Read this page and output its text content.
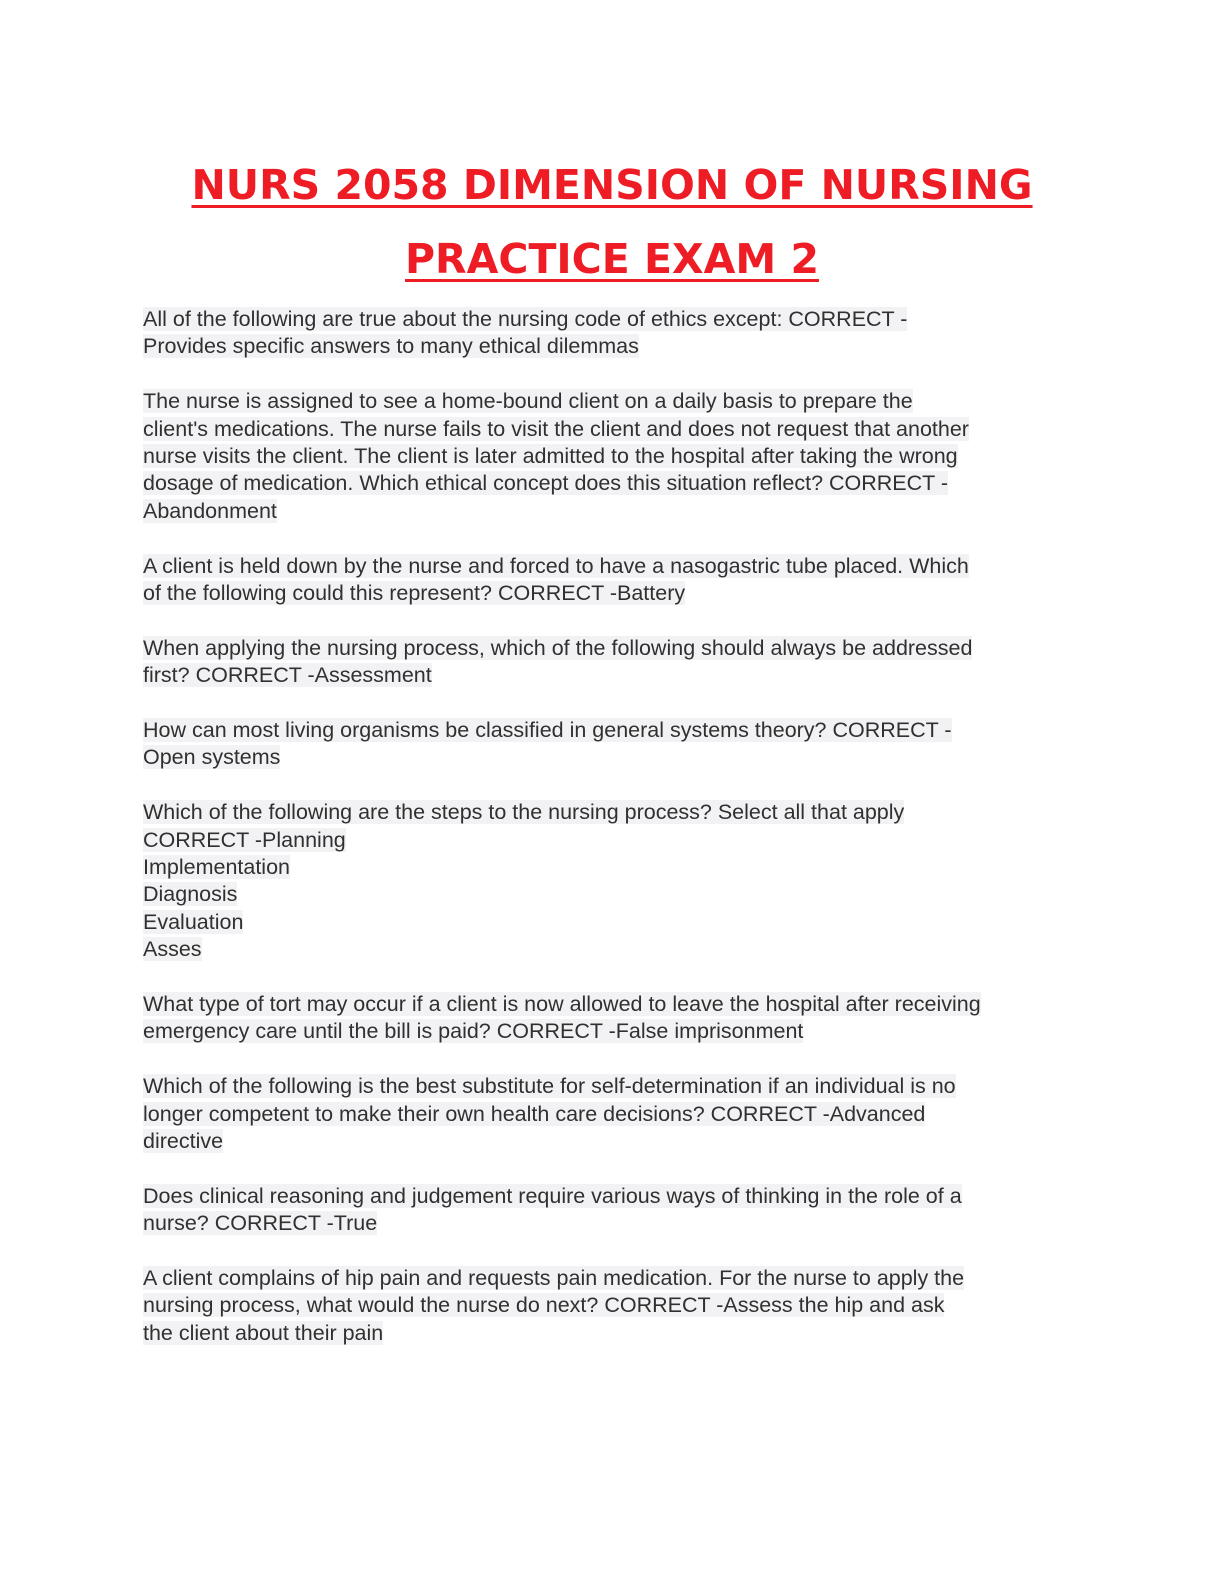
NURS 2058 DIMENSION OF NURSING
PRACTICE EXAM 2
All of the following are true about the nursing code of ethics except: CORRECT -
Provides specific answers to many ethical dilemmas
The nurse is assigned to see a home-bound client on a daily basis to prepare the
client's medications. The nurse fails to visit the client and does not request that another
nurse visits the client. The client is later admitted to the hospital after taking the wrong
dosage of medication. Which ethical concept does this situation reflect? CORRECT -
Abandonment
A client is held down by the nurse and forced to have a nasogastric tube placed. Which
of the following could this represent? CORRECT -Battery
When applying the nursing process, which of the following should always be addressed
first? CORRECT -Assessment
How can most living organisms be classified in general systems theory? CORRECT -
Open systems
Which of the following are the steps to the nursing process? Select all that apply
CORRECT -Planning
Implementation
Diagnosis
Evaluation
Asses
What type of tort may occur if a client is now allowed to leave the hospital after receiving
emergency care until the bill is paid? CORRECT -False imprisonment
Which of the following is the best substitute for self-determination if an individual is no
longer competent to make their own health care decisions? CORRECT -Advanced
directive
Does clinical reasoning and judgement require various ways of thinking in the role of a
nurse? CORRECT -True
A client complains of hip pain and requests pain medication. For the nurse to apply the
nursing process, what would the nurse do next? CORRECT -Assess the hip and ask
the client about their pain
